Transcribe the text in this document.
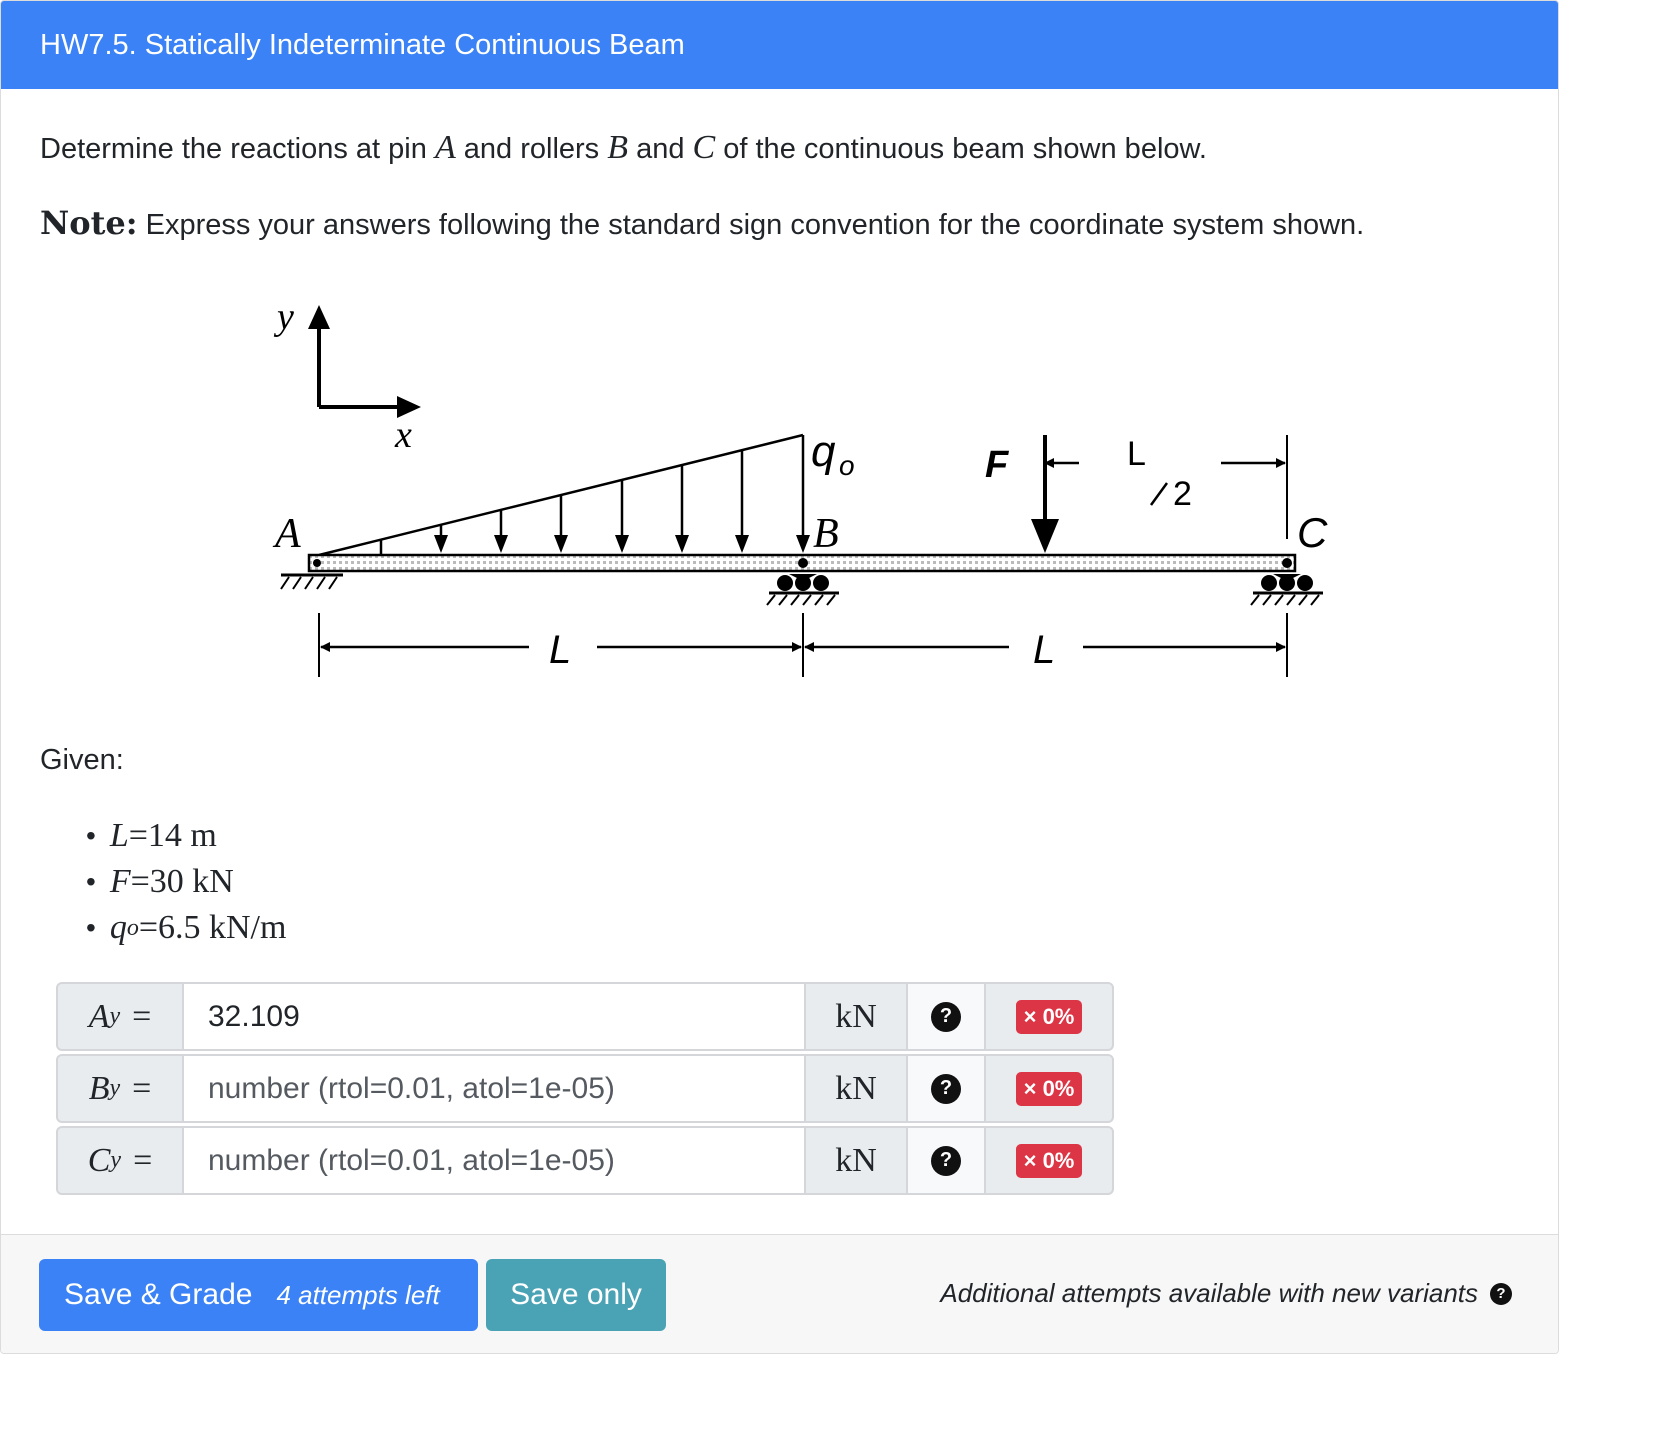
HW7.5. Statically Indeterminate Continuous Beam
Determine the reactions at pin A and rollers B and C of the continuous beam shown below.
Note: Express your answers following the standard sign convention for the coordinate system shown.
y
x	q o
A	B	C
F	L
2
L	L
Given:
• L = 14 m
• F = 30 kN
• q o = 6.5 kN/m
A y =	32.109	kN	?	× 0%
B y =	number (rtol=0.01, atol=1e-05)	kN	?	× 0%
C y =	number (rtol=0.01, atol=1e-05)	kN	?	× 0%
Save & Grade 4 attempts left	Save only	Additional attempts available with new variants	?
